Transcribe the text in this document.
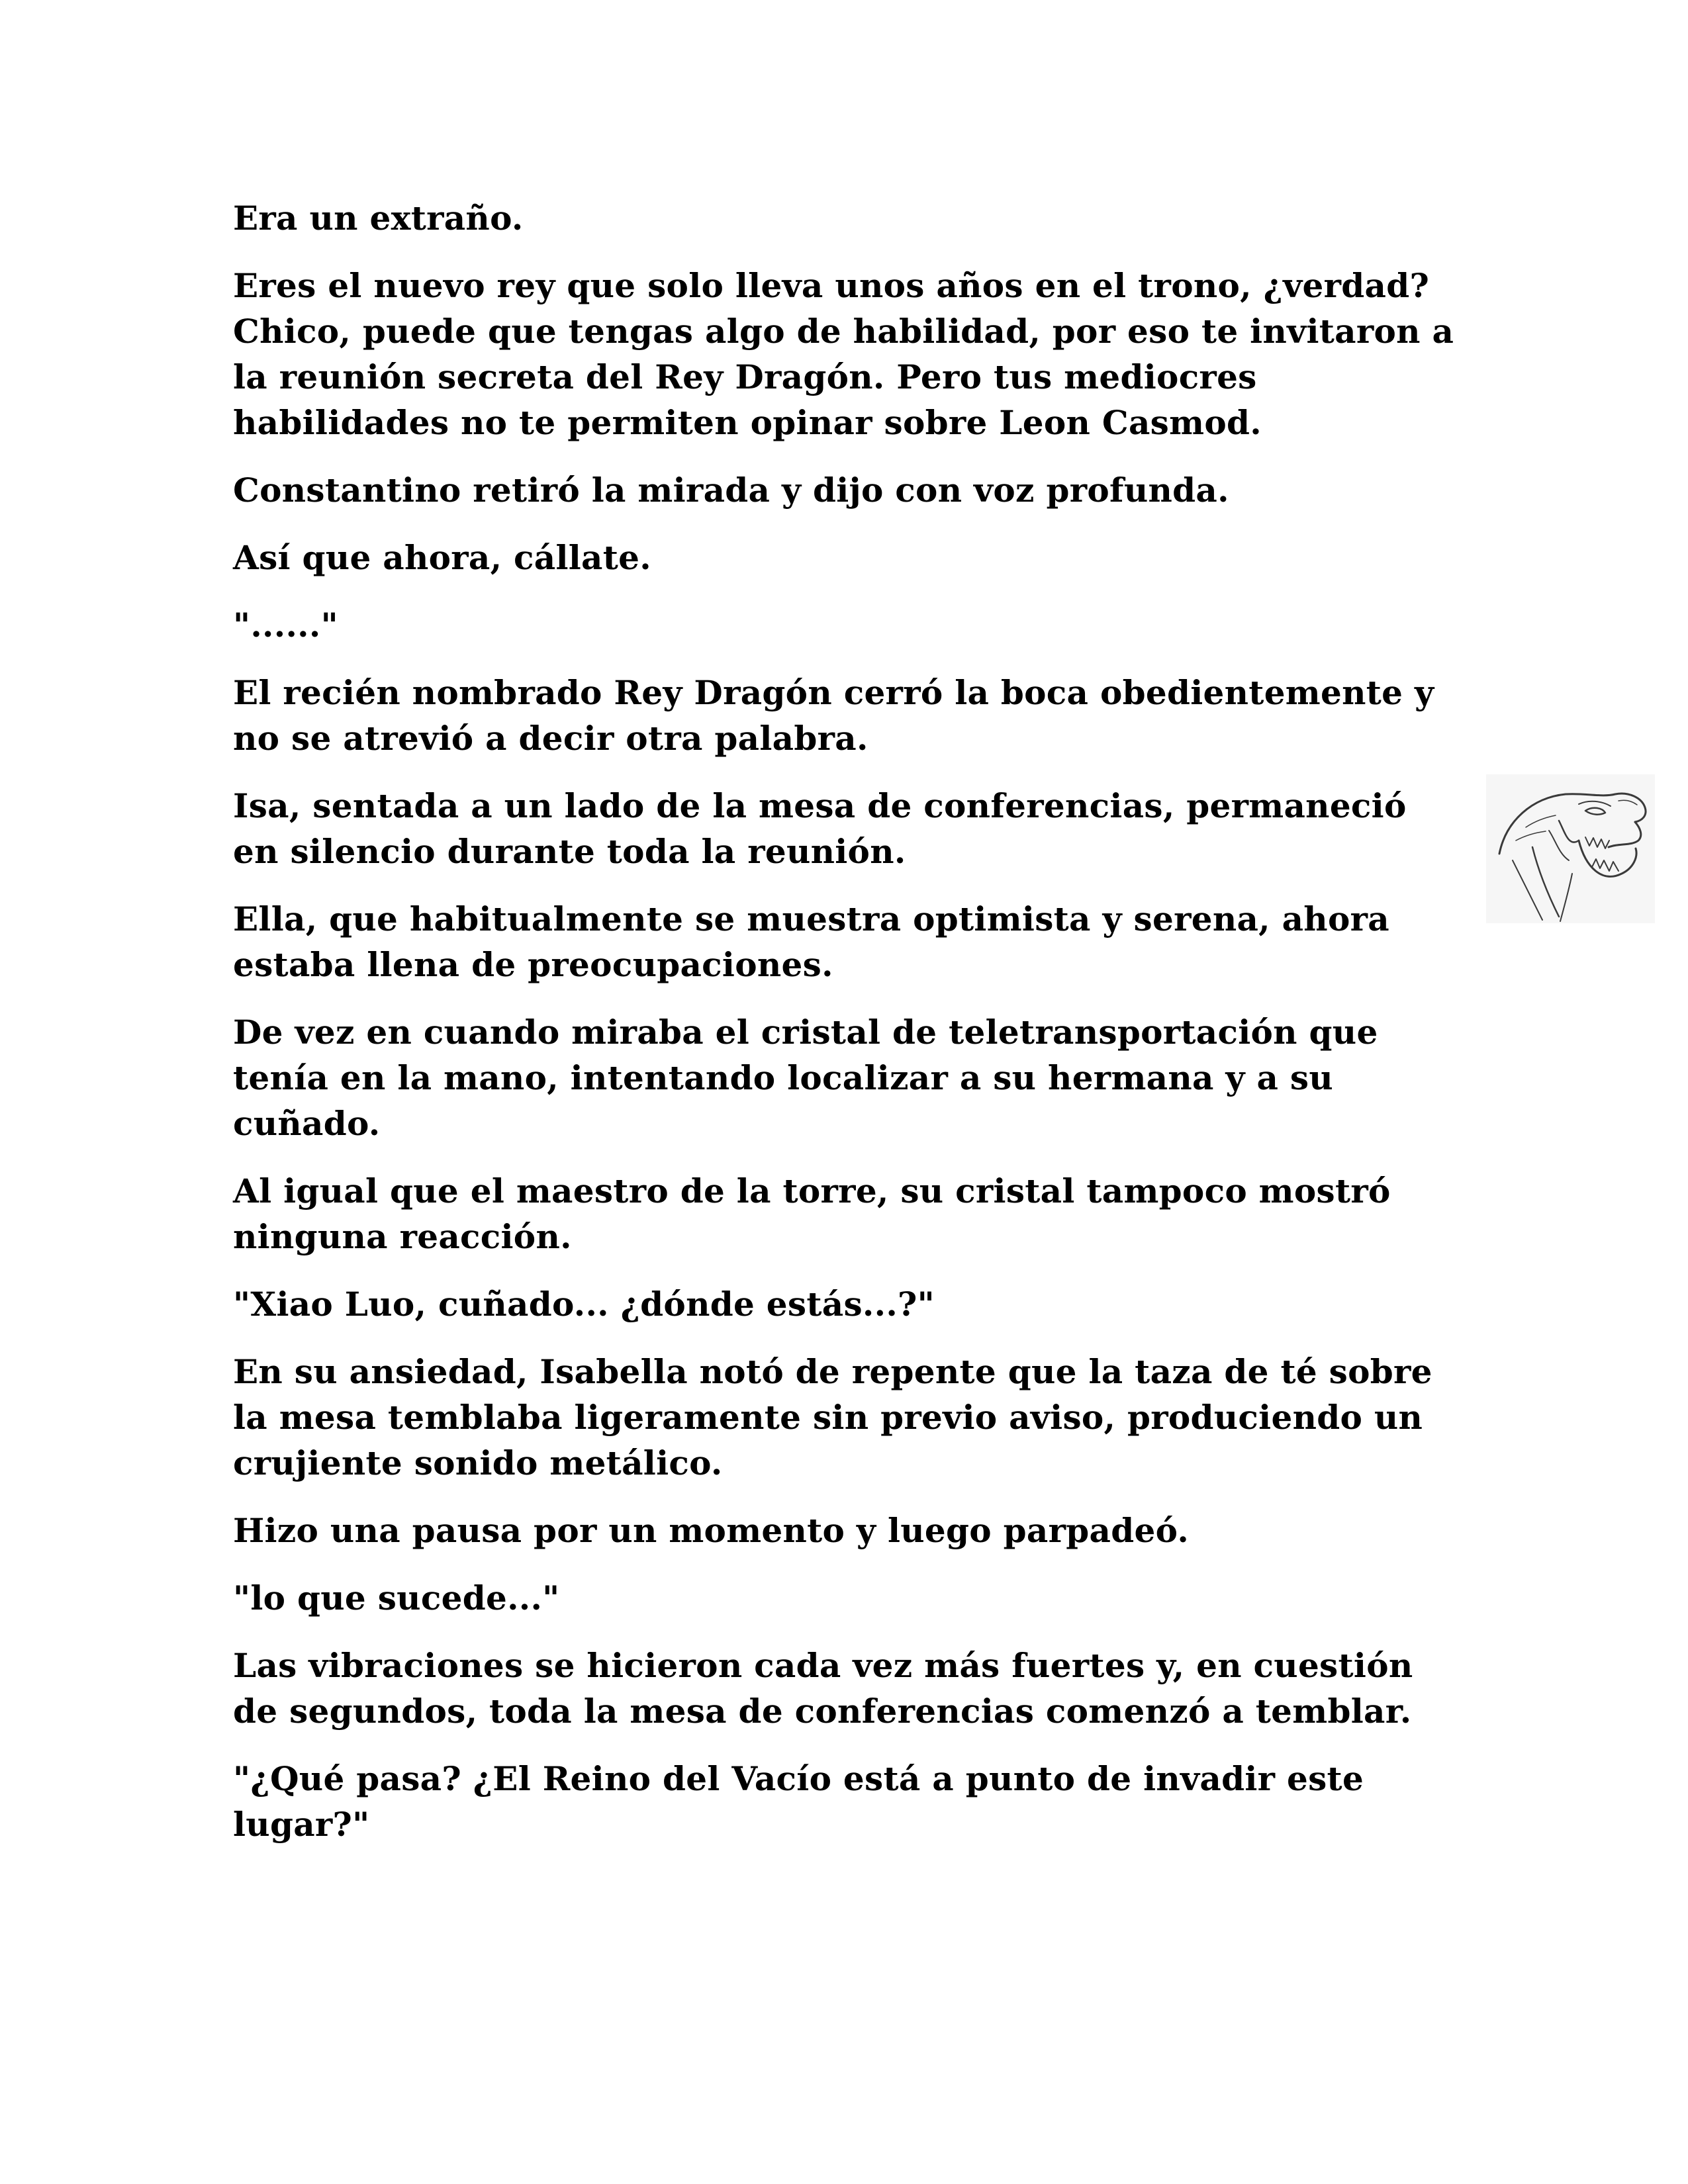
Era un extraño.

Eres el nuevo rey que solo lleva unos años en el trono, ¿verdad? Chico, puede que tengas algo de habilidad, por eso te invitaron a la reunión secreta del Rey Dragón. Pero tus mediocres habilidades no te permiten opinar sobre Leon Casmod.

Constantino retiró la mirada y dijo con voz profunda.

Así que ahora, cállate.

"......"

El recién nombrado Rey Dragón cerró la boca obedientemente y no se atrevió a decir otra palabra.

Isa, sentada a un lado de la mesa de conferencias, permaneció en silencio durante toda la reunión.

Ella, que habitualmente se muestra optimista y serena, ahora estaba llena de preocupaciones.

De vez en cuando miraba el cristal de teletransportación que tenía en la mano, intentando localizar a su hermana y a su cuñado.

Al igual que el maestro de la torre, su cristal tampoco mostró ninguna reacción.

"Xiao Luo, cuñado... ¿dónde estás...?"

En su ansiedad, Isabella notó de repente que la taza de té sobre la mesa temblaba ligeramente sin previo aviso, produciendo un crujiente sonido metálico.

Hizo una pausa por un momento y luego parpadeó.

"lo que sucede..."

Las vibraciones se hicieron cada vez más fuertes y, en cuestión de segundos, toda la mesa de conferencias comenzó a temblar.

"¿Qué pasa? ¿El Reino del Vacío está a punto de invadir este lugar?"
